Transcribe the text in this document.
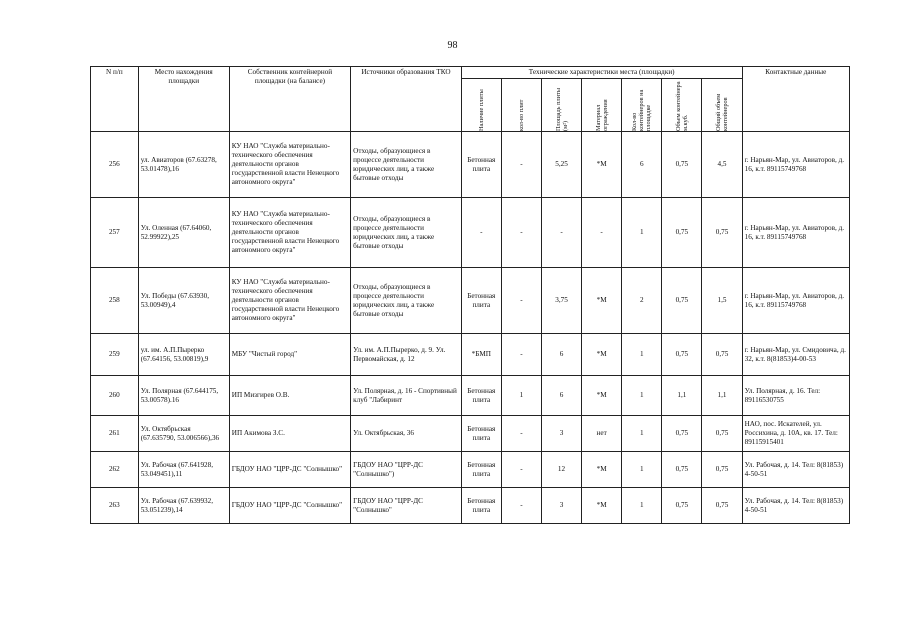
98
N п/п	Место нахождения площадки	Собственник контейнерной площадки (на балансе)	Источники образования ТКО	Технические характеристики места (площадки)							Контактные данные

				Наличие плиты	кол-во плит	Площадь плиты (м²)	Материал ограждения	Кол-во контейнеров на площадке	Объем контейнера м.куб.	Общий объем контейнеров	

256	ул. Авиаторов (67.63278, 53.01478),16	КУ НАО "Служба материально-технического обеспечения деятельности органов государственной власти Ненецкого автономного округа"	Отходы, образующиеся в процессе деятельности юридических лиц, а также бытовые отходы	Бетонная плита	-	5,25	*М	6	0,75	4,5	г. Нарьян-Мар, ул. Авиаторов, д. 16, к.т. 89115749768
257	Ул. Оленная (67.64060, 52.99922),25	КУ НАО "Служба материально-технического обеспечения деятельности органов государственной власти Ненецкого автономного округа"	Отходы, образующиеся в процессе деятельности юридических лиц, а также бытовые отходы	-	-	-	-	1	0,75	0,75	г. Нарьян-Мар, ул. Авиаторов, д. 16, к.т. 89115749768
258	Ул. Победы (67.63930, 53.00949),4	КУ НАО "Служба материально-технического обеспечения деятельности органов государственной власти Ненецкого автономного округа"	Отходы, образующиеся в процессе деятельности юридических лиц, а также бытовые отходы	Бетонная плита	-	3,75	*М	2	0,75	1,5	г. Нарьян-Мар, ул. Авиаторов, д. 16, к.т. 89115749768
259	ул. им. А.П.Пырерко (67.64156, 53.00819),9	МБУ "Чистый город"	Ул. им. А.П.Пырерко, д. 9. Ул. Первомайская, д. 12	*БМП	-	6	*М	1	0,75	0,75	г. Нарьян-Мар, ул. Смидовича, д. 32, к.т. 8(81853)4-00-53
260	Ул. Полярная (67.644175, 53.00578).16	ИП Мизгирев О.В.	Ул. Полярная, д. 16 - Спортивный клуб "Лабиринт	Бетонная плита	1	6	*М	1	1,1	1,1	Ул. Полярная, д. 16. Тел: 89116530755
261	Ул. Октябрьская (67.635790, 53.006566),36	ИП Акимова З.С.	Ул. Октябрьская, 36	Бетонная плита	-	3	нет	1	0,75	0,75	НАО, пос. Искателей, ул. Россихина, д. 10А, кв. 17. Тел: 89115915401
262	Ул. Рабочая (67.641928, 53.049451),11	ГБДОУ НАО "ЦРР-ДС "Солнышко"	ГБДОУ НАО "ЦРР-ДС "Солнышко")	Бетонная плита	-	12	*М	1	0,75	0,75	Ул. Рабочая, д. 14. Тел: 8(81853) 4-50-51
263	Ул. Рабочая (67.639932, 53.051239),14	ГБДОУ НАО "ЦРР-ДС "Солнышко"	ГБДОУ НАО "ЦРР-ДС "Солнышко"	Бетонная плита	-	3	*М	1	0,75	0,75	Ул. Рабочая, д. 14. Тел: 8(81853) 4-50-51
